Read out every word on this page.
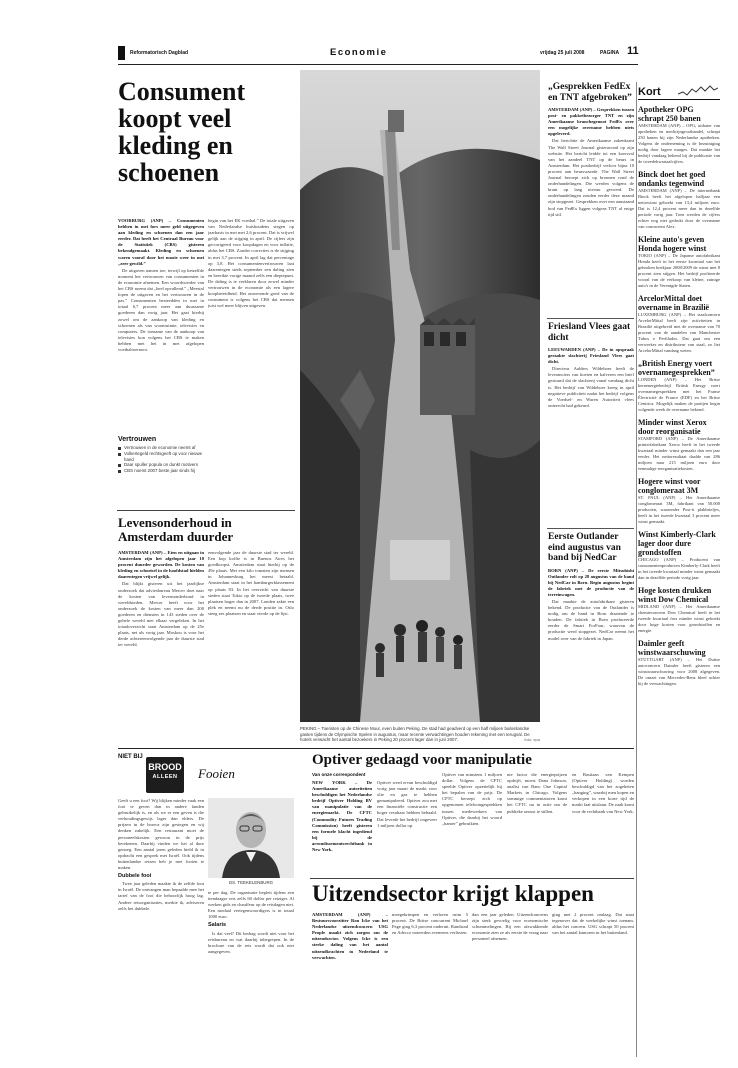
Reformatorisch Dagblad	Economie	vrijdag 25 juli 2008	PAGINA 11
Consument koopt veel kleding en schoenen

VOORBURG (ANP) – Consumenten hebben in mei fors meer geld uitgegeven aan kleding en schoenen dan een jaar eerder. Dat heeft het Centraal Bureau voor de Statistiek (CBS) gisteren bekendgemaakt. Kleding en schoenen waren vooral door het mooie weer in mei „zeer gewild.”

De uitgaven namen toe, terwijl op hetzelfde moment het vertrouwen van consumenten in de economie afnemen. Een woordvoerder van het CBS noemt dat „heel opvallend.” „Meestal lopen de uitgaven en het vertrouwen in de pas.” Consumenten besteedden in mei in totaal 6,7 procent meer aan duurzame goederen dan vorig jaar. Het gaat hierbij zowel om de aankoop van kleding en schoenen als van woonruimte, televisies en computers. De toename van de aankoop van televisies kon volgens het CBS te maken hebben met het in mei afgelopen voetbaltoernooi.

begin van het EK voetbal.” De totale uitgaven van Nederlandse huishoudens stegen op jaarbasis in mei met 2,6 procent. Dat is vrijwel gelijk aan de stijging in april. De cijfers zijn gecorrigeerd voor koopdagen en voor inflatie, aldus het CBS. Zonder correcties is de stijging in mei 3,7 procent. In april lag dat percentage op 3,8. Het consumentenvertrouwen laat daarentegen sinds september een daling zien en bereikte vorige maand zelfs een dieptepunt. De daling is te verklaren door zowel minder vertrouwen in de economie als een lagere koopbereidheid. Het onroerende goed van de consument is volgens het CBS dat mensen juist wel meer blijven uitgeven.

Vertrouwen
Vertrouwen in de economie neemt af
Volkertegeld rechtsgeeft op voor nieuwe hand
Daar spuller popula on dunkt motivers
CBS noemt 2007 beste jaar sinds hij
Levensonderhoud in Amsterdam duurder

AMSTERDAM (ANP) – Eten en uitgaan in Amsterdam zijn het afgelopen jaar 10 procent duurder geworden. De kosten van kleding en schoeisel in de hoofdstad hielden daarentegen vrijwel gelijk.

Dat blijkt gisteren uit het jaarlijkse onderzoek dat adviesbureau Mercer doet naar de kosten van levensonderhoud in wereldsteden. Mercer heeft voor het onderzoek de kosten van meer dan 200 goederen en diensten in 143 steden over de gehele wereld met elkaar vergeleken. In het totaaloverzicht staat Amsterdam op de 25e plaats, net als vorig jaar. Moskou is voor het derde achtereenvolgende jaar de duurste stad ter wereld.

eenvolgende jaar de duurste stad ter wereld. Een kop koffie is in Buenos Aires het goedkoopst. Amsterdam staat hierbij op de 49e plaats. Met een kilo tomaten zijn mensen in Johannesburg het meest betaald. Amsterdam staat in het hamburgerklassement op plaats 83. In het overzicht van duurste steden staat Tokio op de tweede plaats, twee plaatsen hoger dan in 2007. Londen zakte een plek en neemt nu de derde positie in. Oslo steeg zes plaatsen en staat vierde op de lijst.

PEKING – Toeristen op de Chinese Muur, even buiten Peking. De stad had geadverd op een half miljoen buitenlandse gasten tijdens de Olympische Spelen in augustus, maar recente verwachtingen houden rekening met een terugval. De hotels verwacht het aantal bezoekers in Peking 20 procent lager dan in juni 2007.	foto: epa
„Gesprekken FedEx en TNT afgebroken”

AMSTERDAM (ANP) – Gesprekken tussen post- en pakketbezorger TNT en zijn Amerikaanse branchegenoot FedEx over een mogelijke overname hebben niets opgeleverd.

Dat berichtte de Amerikaanse zakenkrant The Wall Street Journal gisteravond op zijn website. Het bericht leidde tot een koersval van het aandeel TNT op de beurs in Amsterdam. Het postbedrijf verloor bijna 10 procent aan beurswaarde. The Wall Street Journal beroept zich op bronnen rond de onderhandelingen. Die werden volgens de krant op laag niveau gevoerd. De onderhandelingen zouden eerder deze maand zijn stopgezet. Gesprekken over een aanstaand bod van FedEx liggen volgens TNT al enige tijd stil.

Friesland Vlees gaat dicht

LEEUWARDEN (ANP) – De in opspraak geraakte slachterij Friesland Vlees gaat dicht.

Directeur Aalders Wildeboer heeft de leveranciers van koeien en kalveren een brief gestuurd dat de slachterij vanaf vandaag dicht is. Het bedrijf van Wildeboer kreeg in april negatieve publiciteit nadat het bedrijf volgens de Voedsel- en Waren Autoriteit vlees onterecht had gekeurd.

Eerste Outlander eind augustus van band bij NedCar

BORN (ANP) – De eerste Mitsubishi Outlander rolt op 28 augustus van de band bij NedCar in Born. Begin augustus begint de fabriek met de productie van de terreinwagen.

Dat maakte de autofabrikant gisteren bekend. De productie van de Outlander is nodig om de band in Born draaiende te houden. De fabriek in Born produceerde eerder de Smart ForFour, waarvan de productie werd stopgezet. NedCar neemt het model over van de fabriek in Japan.

Kort
Apotheker OPG schrapt 250 banen
AMSTERDAM (ANP) – OPG, uitbater van apotheken en medicijngroothandel, schrapt 250 banen bij zijn Nederlandse apotheken. Volgens de onderneming is de bezuiniging nodig door lagere marges. Dat maakte het bedrijf vandaag bekend bij de publicatie van de tweedekwartaalcijfers.
Binck doet het goed ondanks tegenwind
AMSTERDAM (ANP) – De internetbank Binck heeft het afgelopen halfjaar een nettowinst geboekt van 13,4 miljoen euro. Dat is 12,4 procent meer dan in dezelfde periode vorig jaar. Toen werden de cijfers echter nog niet gedrukt door de overname van concurrent Alex.
Kleine auto's geven Honda hogere winst
TOKIO (ANP) – De Japanse autofabrikant Honda heeft in het eerste kwartaal van het gebroken boekjaar 2008/2009 de winst met 8 procent zien stijgen. Het bedrijf profiteerde vooral van de verkoop van kleine, zuinige auto's in de Verenigde Staten.
ArcelorMittal doet overname in Brazilië
LUXEMBURG (ANP) – Het staalconcern ArcelorMittal heeft zijn activiteiten in Brazilië uitgebreid met de overname van 70 procent van de aandelen van Manchester Tubos e Perfilados. Dat gaat om een verwerker en distributeur van staal, zo liet ArcelorMittal vandaag weten.
„British Energy voert overnamegesprekken”
LONDEN (ANP) – Het Britse kernenergiebedrijf British Energy voert overnamegesprekken met het Franse Électricité de France (EDF) en het Britse Centrica. Mogelijk maken de partijen begin volgende week de overname bekend.
Minder winst Xerox door reorganisatie
STAMFORD (ANP) – De Amerikaanse printerfabrikant Xerox heeft in het tweede kwartaal minder winst gemaakt dan een jaar eerder. Het nettoresultaat daalde van 286 miljoen naar 215 miljoen euro door eenmalige reorganisatiekosten.
Hogere winst voor conglomeraat 3M
ST. PAUL (ANP) – Het Amerikaanse conglomeraat 3M, fabrikant van 50.000 producten, waaronder Post-it plakbriefjes, heeft in het tweede kwartaal 3 procent meer winst gemaakt.
Winst Kimberly-Clark lager door dure grondstoffen
CHICAGO (ANP) – Producent van consumentenproducten Kimberly-Clark heeft in het tweede kwartaal minder winst gemaakt dan in dezelfde periode vorig jaar.
Hoge kosten drukken winst Dow Chemical
MIDLAND (ANP) – Het Amerikaanse chemieconcern Dow Chemical heeft in het tweede kwartaal fors minder winst geboekt door hoge kosten voor grondstoffen en energie.
Daimler geeft winstwaarschuwing
STUTTGART (ANP) – Het Duitse autoconcern Daimler heeft gisteren een winstwaarschuwing voor 2008 afgegeven. De omzet van Mercedes-Benz bleef achter bij de verwachtingen.
NIET BIJ
BROOD
ALLEEN	Fooien

Geeft u een fooi? Wij blijken minder vaak een fooi te geven dan in andere landen gebruikelijk is, en als we er een geven is die verhoudingsgewijs lager dan elders. De prijzen in de horeca zijn gestegen en wij denken zakelijk. Een restaurant moet de personeelskosten gewoon in de prijs berekenen. Daarbij vinden we het al dure genoeg. Een aantal jaren geleden hield ik in opdracht een gesprek met Israël. Ook tijdens buitenlandse reizen heb je met fooien te maken.

Dubbele fooi

Twee jaar geleden maakte ik de zelfde fout in Israël. De ontvangen man bepaalde mee het tarief van de fooi die behoorlijk hoog lag. Andere reisorganisaties, merkte ik, adviseren zelfs het dubbele.

DS. TEEKELENBURG

te per dag. De organisatie bepleit tijdens een tiendaagse reis zelfs 60 dollar per reiziger. Al werken gids en chauffeur op de reisdagen niet. Een modaal vertegenwoordigers is in totaal 1000 euro.

Salaris

Is dat veel? Dit bedrag wordt niet voor het reisbureau en wat daarbij inbegrepen. In de brochure van de reis wordt dat ook niet aangegeven.

Optiver gedaagd voor manipulatie
Van onze correspondent

NEW YORK – De Amerikaanse autoriteiten beschuldigen het Nederlandse bedrijf Optiver Holding BV van manipulatie van de energiemarkt. De CFTC (Commodity Futures Trading Commission) heeft gisteren een formele klacht ingediend bij de arrondissementsrechtbank in New York.

Optiver werd ervan beschuldigd vorig jaar maart de markt voor olie en gas te hebben gemanipuleerd. Optiver zou met een financiële constructie een hoger resultaat hebben behaald. Dat leverde het bedrijf ongeveer 1 miljoen dollar op.

Optiver van minstens 1 miljoen dollar. Volgens de CFTC speelde Optiver opzettelijk bij het bepalen van de prijs. De CFTC beroept zich op opgenomen telefoongesprekken tussen medewerkers van Optiver, die daarbij het woord „hamer” gebruikten.

nie factor die energieprijzen opdrijft, moest Dana Johnson, analist van Banc One Capital Markets in Chicago. Volgens sommige commentatoren komt het CFTC nu in actie om de publieke onrust te stillen.

en Bastiaan van Kempen (Optiver Holding) worden beschuldigd van het zogeheten „banging”, waarbij men kopen en verkopen in een korte tijd de markt laat uitslaan. De zaak komt voor de rechtbank van New York.

Uitzendsector krijgt klappen

AMSTERDAM (ANP) – Bestuursvoorzitter Ron Icke van het Nederlandse uitzendconcern USG People maakt zich zorgen om de uitzendsector. Volgens Icke is een sterke daling van het aantal uitzendkrachten in Nederland te verwachten.

meegekrimpen en verloren ruim 5 procent. De Britse concurrent Michael Page ging 6,3 procent onderuit. Randstad en Adecco noteerden eveneens verliezen.

dan een jaar geleden. Uitzendconcerns zijn sterk gevoelig voor economische schommelingen. Bij een afzwakkende economie zien ze als eerste de vraag naar personeel afnemen.

ging met 2 procent omlaag. Dat staat tegenover dat de werkelijke winst toenam, aldus het concern. USG schrapt 50 procent van het aantal kantoren in het buitenland.
